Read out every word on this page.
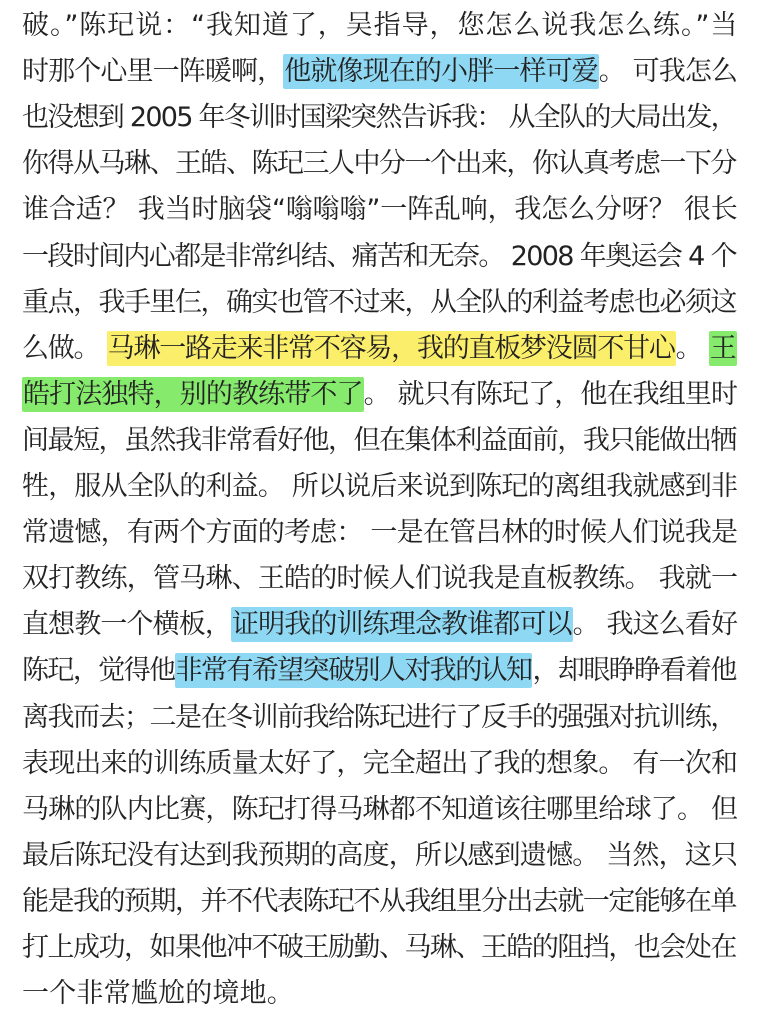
破。”陈玘说：“我知道了，吴指导，您怎么说我怎么练。”当
时那个心里一阵暖啊，他就像现在的小胖一样可爱。 可我怎么
也没想到 2005 年冬训时国梁突然告诉我： 从全队的大局出发，
你得从马琳、王皓、陈玘三人中分一个出来，你认真考虑一下分
谁合适？ 我当时脑袋“嗡嗡嗡”一阵乱响，我怎么分呀？ 很长
一段时间内心都是非常纠结、痛苦和无奈。 2008 年奥运会 4 个
重点，我手里仨，确实也管不过来，从全队的利益考虑也必须这
么做。 马琳一路走来非常不容易，我的直板梦没圆不甘心。 王
皓打法独特，别的教练带不了。 就只有陈玘了，他在我组里时
间最短，虽然我非常看好他，但在集体利益面前，我只能做出牺
牲，服从全队的利益。 所以说后来说到陈玘的离组我就感到非
常遗憾，有两个方面的考虑： 一是在管吕林的时候人们说我是
双打教练，管马琳、王皓的时候人们说我是直板教练。 我就一
直想教一个横板，证明我的训练理念教谁都可以。 我这么看好
陈玘，觉得他非常有希望突破别人对我的认知，却眼睁睁看着他
离我而去；二是在冬训前我给陈玘进行了反手的强强对抗训练，
表现出来的训练质量太好了，完全超出了我的想象。 有一次和
马琳的队内比赛，陈玘打得马琳都不知道该往哪里给球了。 但
最后陈玘没有达到我预期的高度，所以感到遗憾。 当然，这只
能是我的预期，并不代表陈玘不从我组里分出去就一定能够在单
打上成功，如果他冲不破王励勤、马琳、王皓的阻挡，也会处在
一个非常尴尬的境地。
